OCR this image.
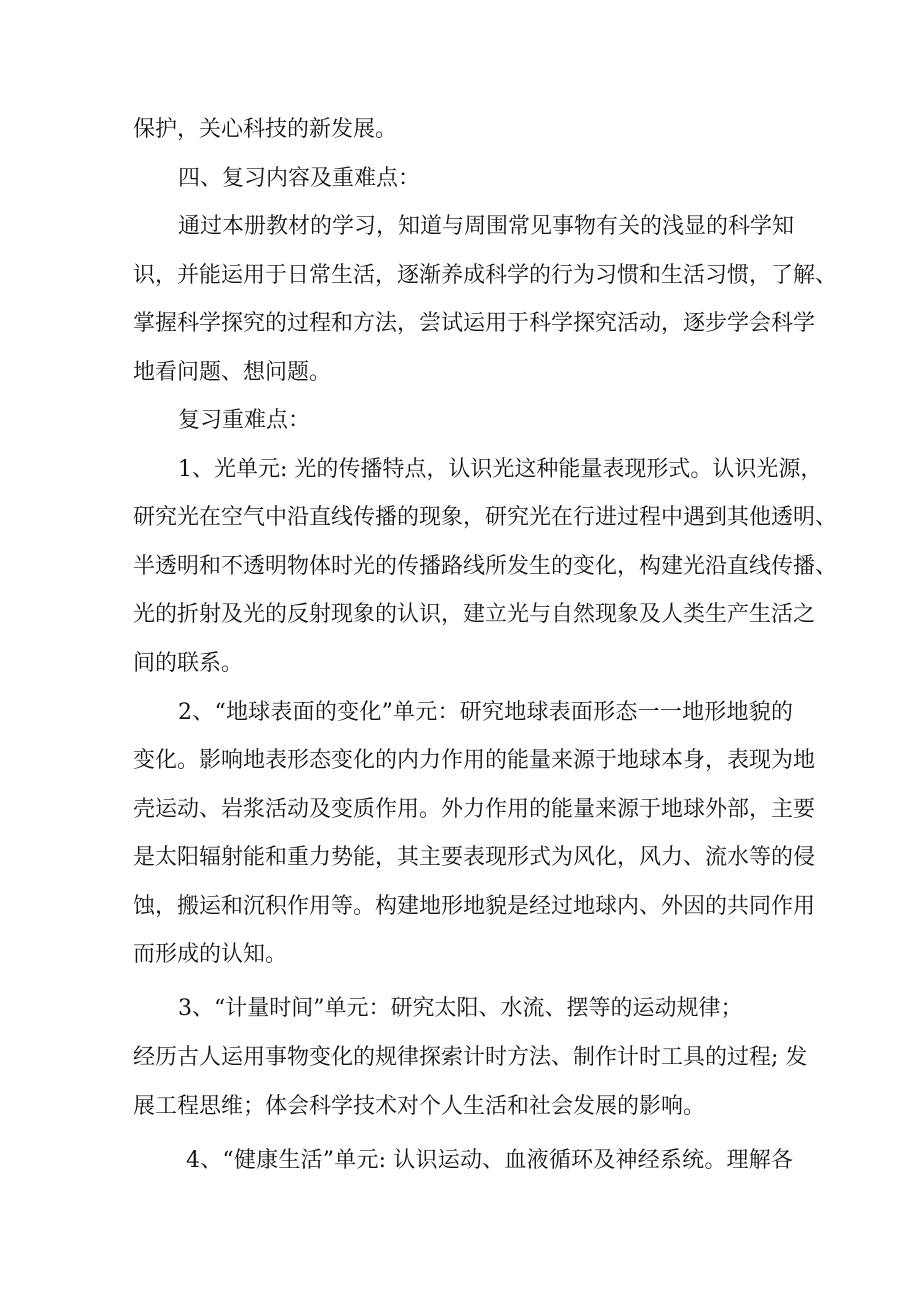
保护，关心科技的新发展。
四、复习内容及重难点：
通过本册教材的学习，知道与周围常见事物有关的浅显的科学知
识，并能运用于日常生活，逐渐养成科学的行为习惯和生活习惯，了解、
掌握科学探究的过程和方法，尝试运用于科学探究活动，逐步学会科学
地看问题、想问题。
复习重难点：
1、光单元: 光的传播特点，认识光这种能量表现形式。认识光源，
研究光在空气中沿直线传播的现象，研究光在行进过程中遇到其他透明、
半透明和不透明物体时光的传播路线所发生的变化，构建光沿直线传播、
光的折射及光的反射现象的认识，建立光与自然现象及人类生产生活之
间的联系。
2、“地球表面的变化”单元：研究地球表面形态一一地形地貌的
变化。影响地表形态变化的内力作用的能量来源于地球本身，表现为地
壳运动、岩浆活动及变质作用。外力作用的能量来源于地球外部，主要
是太阳辐射能和重力势能，其主要表现形式为风化，风力、流水等的侵
蚀，搬运和沉积作用等。构建地形地貌是经过地球内、外因的共同作用
而形成的认知。
3、“计量时间”单元：研究太阳、水流、摆等的运动规律；
经历古人运用事物变化的规律探索计时方法、制作计时工具的过程; 发
展工程思维；体会科学技术对个人生活和社会发展的影响。
4、“健康生活”单元: 认识运动、血液循环及神经系统。理解各
